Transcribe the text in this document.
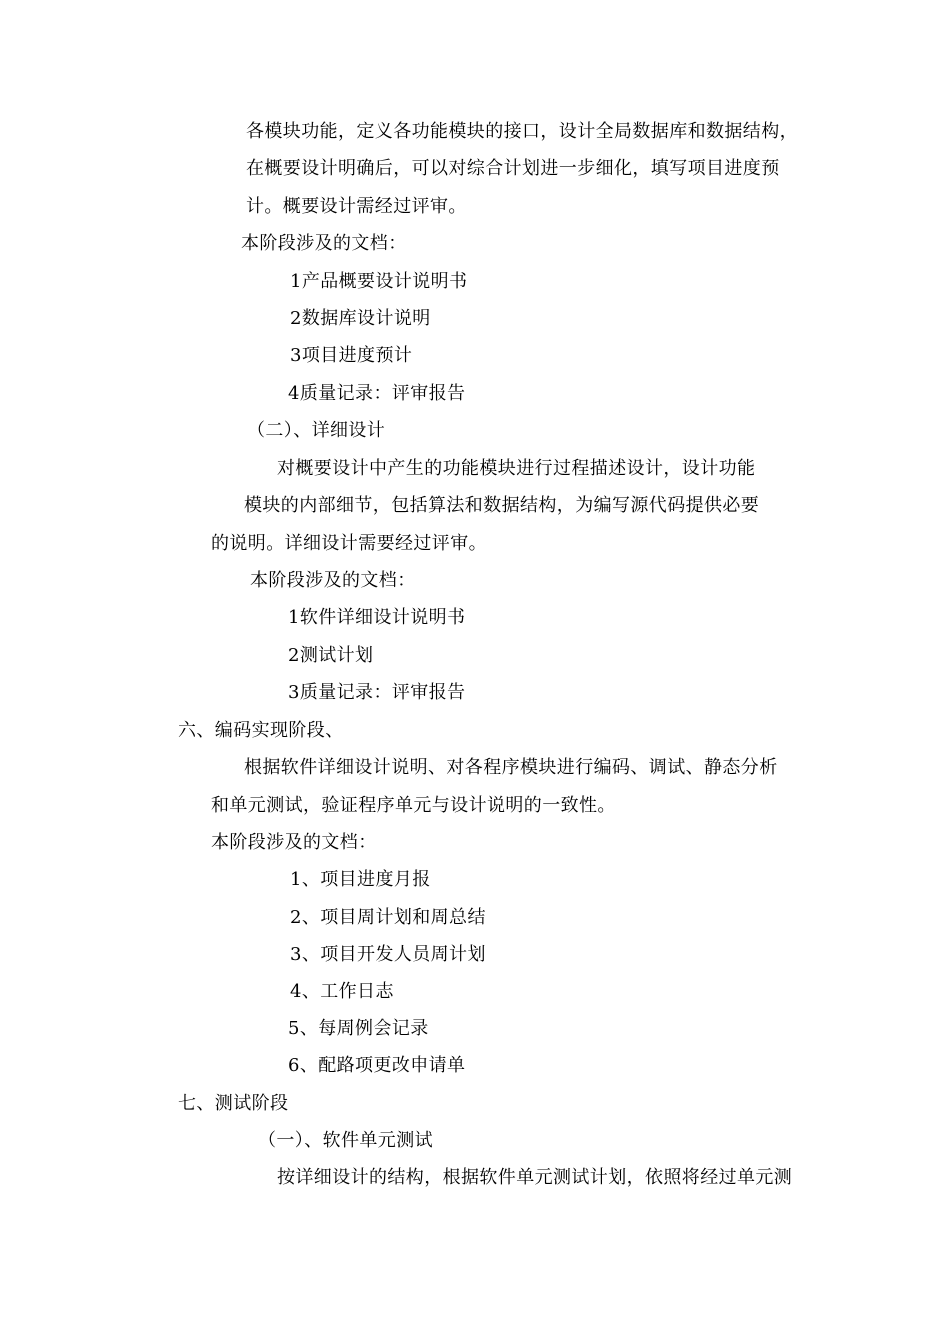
各模块功能，定义各功能模块的接口，设计全局数据库和数据结构，
在概要设计明确后，可以对综合计划进一步细化，填写项目进度预
计。概要设计需经过评审。
本阶段涉及的文档：
1产品概要设计说明书
2数据库设计说明
3项目进度预计
4质量记录：评审报告
（二）、详细设计
对概要设计中产生的功能模块进行过程描述设计，设计功能
模块的内部细节，包括算法和数据结构，为编写源代码提供必要
的说明。详细设计需要经过评审。
本阶段涉及的文档：
1软件详细设计说明书
2测试计划
3质量记录：评审报告
六、编码实现阶段、
根据软件详细设计说明、对各程序模块进行编码、调试、静态分析
和单元测试，验证程序单元与设计说明的一致性。
本阶段涉及的文档：
1、项目进度月报
2、项目周计划和周总结
3、项目开发人员周计划
4、工作日志
5、每周例会记录
6、配路项更改申请单
七、测试阶段
（一）、软件单元测试
按详细设计的结构，根据软件单元测试计划，依照将经过单元测
